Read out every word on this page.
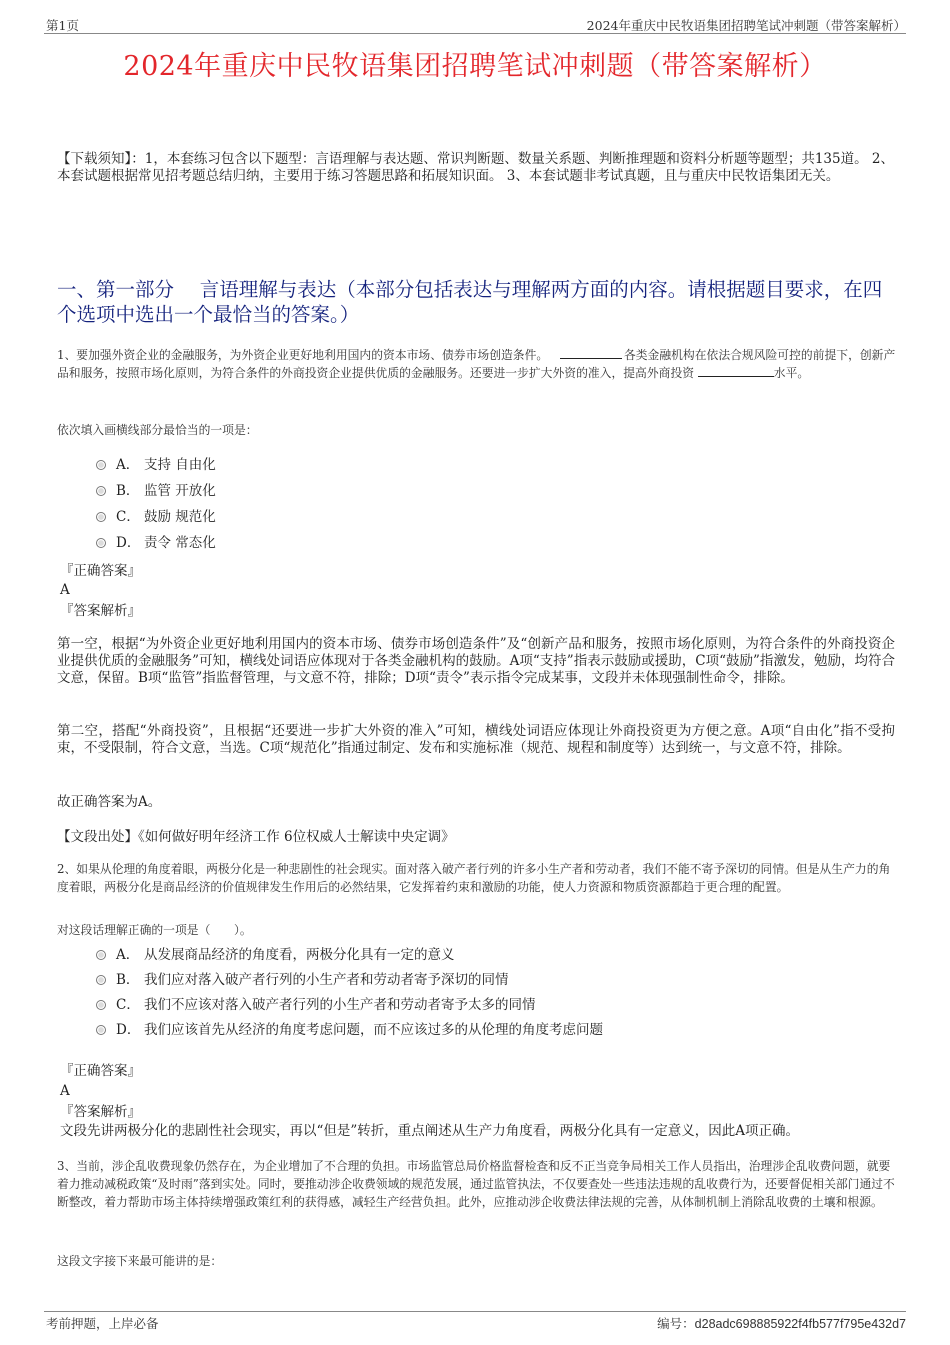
第1页	2024年重庆中民牧语集团招聘笔试冲刺题（带答案解析）
2024年重庆中民牧语集团招聘笔试冲刺题（带答案解析）
【下载须知】：1，本套练习包含以下题型：言语理解与表达题、常识判断题、数量关系题、判断推理题和资料分析题等题型；共135道。 2、本套试题根据常见招考题总结归纳，主要用于练习答题思路和拓展知识面。 3、本套试题非考试真题，且与重庆中民牧语集团无关。
一、第一部分　 言语理解与表达（本部分包括表达与理解两方面的内容。请根据题目要求，在四个选项中选出一个最恰当的答案。）
1、要加强外资企业的金融服务，为外资企业更好地利用国内的资本市场、债券市场创造条件。	各类金融机构在依法合规风险可控的前提下，创新产品和服务，按照市场化原则，为符合条件的外商投资企业提供优质的金融服务。还要进一步扩大外资的准入，提高外商投资	水平。
依次填入画横线部分最恰当的一项是：
A． 支持 自由化
B． 监管 开放化
C． 鼓励 规范化
D． 责令 常态化
『正确答案』
A
『答案解析』
第一空，根据“为外资企业更好地利用国内的资本市场、债券市场创造条件”及“创新产品和服务，按照市场化原则，为符合条件的外商投资企业提供优质的金融服务”可知，横线处词语应体现对于各类金融机构的鼓励。A项“支持”指表示鼓励或援助，C项“鼓励”指激发，勉励，均符合文意，保留。B项“监管”指监督管理，与文意不符，排除；D项“责令”表示指令完成某事，文段并未体现强制性命令，排除。
第二空，搭配“外商投资”，且根据“还要进一步扩大外资的准入”可知，横线处词语应体现让外商投资更为方便之意。A项“自由化”指不受拘束，不受限制，符合文意，当选。C项“规范化”指通过制定、发布和实施标准（规范、规程和制度等）达到统一，与文意不符，排除。
故正确答案为A。
【文段出处】《如何做好明年经济工作 6位权威人士解读中央定调》
2、如果从伦理的角度着眼，两极分化是一种悲剧性的社会现实。面对落入破产者行列的许多小生产者和劳动者，我们不能不寄予深切的同情。但是从生产力的角度着眼，两极分化是商品经济的价值规律发生作用后的必然结果，它发挥着约束和激励的功能，使人力资源和物质资源都趋于更合理的配置。
对这段话理解正确的一项是（　　）。
A． 从发展商品经济的角度看，两极分化具有一定的意义
B． 我们应对落入破产者行列的小生产者和劳动者寄予深切的同情
C． 我们不应该对落入破产者行列的小生产者和劳动者寄予太多的同情
D． 我们应该首先从经济的角度考虑问题，而不应该过多的从伦理的角度考虑问题
『正确答案』
A
『答案解析』
文段先讲两极分化的悲剧性社会现实，再以“但是”转折，重点阐述从生产力角度看，两极分化具有一定意义，因此A项正确。
3、当前，涉企乱收费现象仍然存在，为企业增加了不合理的负担。市场监管总局价格监督检查和反不正当竞争局相关工作人员指出，治理涉企乱收费问题，就要着力推动减税政策“及时雨”落到实处。同时，要推动涉企收费领域的规范发展，通过监管执法，不仅要查处一些违法违规的乱收费行为，还要督促相关部门通过不断整改，着力帮助市场主体持续增强政策红利的获得感，减轻生产经营负担。此外，应推动涉企收费法律法规的完善，从体制机制上消除乱收费的土壤和根源。
这段文字接下来最可能讲的是：
考前押题，上岸必备	编号：d28adc698885922f4fb577f795e432d7
